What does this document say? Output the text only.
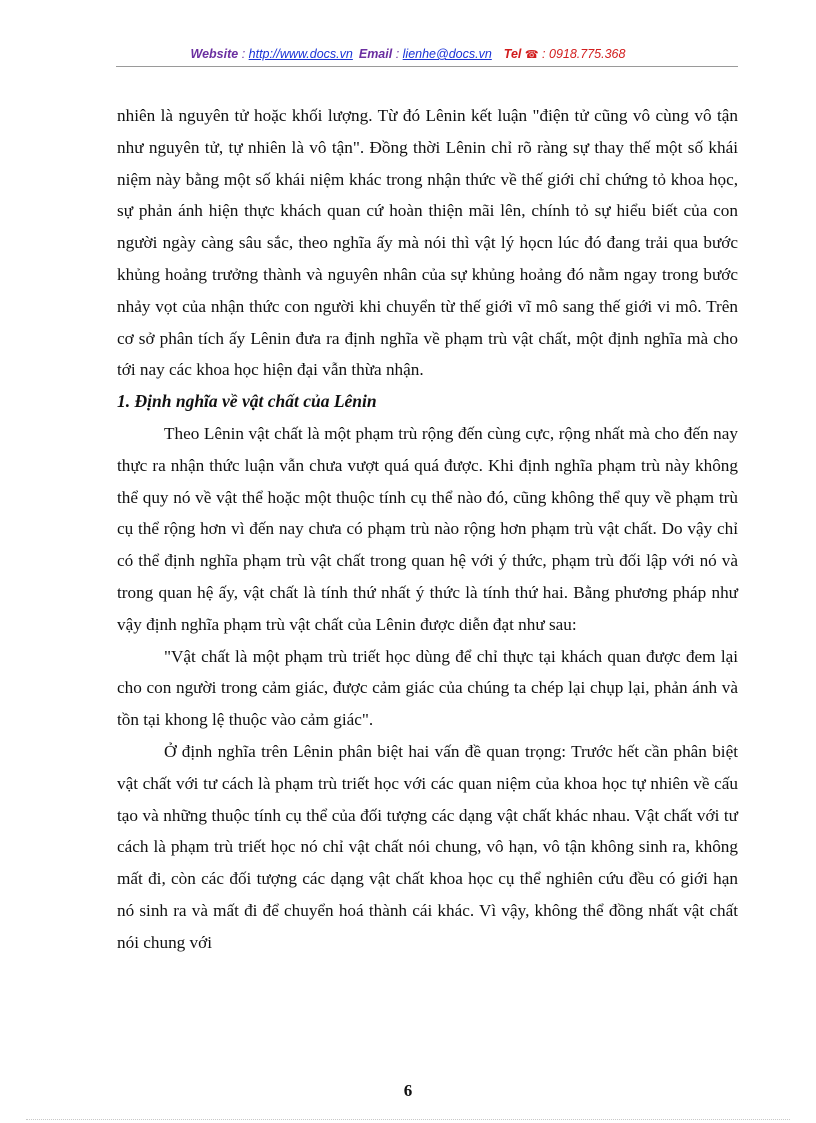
Website : http://www.docs.vn Email : lienhe@docs.vn Tel ☎ : 0918.775.368

nhiên là nguyên tử hoặc khối lượng. Từ đó Lênin kết luận "điện tử cũng vô cùng vô tận như nguyên tử, tự nhiên là vô tận". Đồng thời Lênin chỉ rõ ràng sự thay thế một số khái niệm này bằng một số khái niệm khác trong nhận thức về thế giới chỉ chứng tỏ khoa học, sự phản ánh hiện thực khách quan cứ hoàn thiện mãi lên, chính tỏ sự hiểu biết của con người ngày càng sâu sắc, theo nghĩa ấy mà nói thì vật lý họcn lúc đó đang trải qua bước khủng hoảng trưởng thành và nguyên nhân của sự khủng hoảng đó nằm ngay trong bước nhảy vọt của nhận thức con người khi chuyển từ thế giới vĩ mô sang thế giới vi mô. Trên cơ sở phân tích ấy Lênin đưa ra định nghĩa về phạm trù vật chất, một định nghĩa mà cho tới nay các khoa học hiện đại vẫn thừa nhận.

1. Định nghĩa về vật chất của Lênin

Theo Lênin vật chất là một phạm trù rộng đến cùng cực, rộng nhất mà cho đến nay thực ra nhận thức luận vẫn chưa vượt quá quá được. Khi định nghĩa phạm trù này không thể quy nó về vật thể hoặc một thuộc tính cụ thể nào đó, cũng không thể quy về phạm trù cụ thể rộng hơn vì đến nay chưa có phạm trù nào rộng hơn phạm trù vật chất. Do vậy chỉ có thể định nghĩa phạm trù vật chất trong quan hệ với ý thức, phạm trù đối lập với nó và trong quan hệ ấy, vật chất là tính thứ nhất ý thức là tính thứ hai. Bằng phương pháp như vậy định nghĩa phạm trù vật chất của Lênin được diễn đạt như sau:

"Vật chất là một phạm trù triết học dùng để chỉ thực tại khách quan được đem lại cho con người trong cảm giác, được cảm giác của chúng ta chép lại chụp lại, phản ánh và tồn tại khong lệ thuộc vào cảm giác".

Ở định nghĩa trên Lênin phân biệt hai vấn đề quan trọng: Trước hết cần phân biệt vật chất với tư cách là phạm trù triết học với các quan niệm của khoa học tự nhiên về cấu tạo và những thuộc tính cụ thể của đối tượng các dạng vật chất khác nhau. Vật chất với tư cách là phạm trù triết học nó chỉ vật chất nói chung, vô hạn, vô tận không sinh ra, không mất đi, còn các đối tượng các dạng vật chất khoa học cụ thể nghiên cứu đều có giới hạn nó sinh ra và mất đi để chuyển hoá thành cái khác. Vì vậy, không thể đồng nhất vật chất nói chung với

6
